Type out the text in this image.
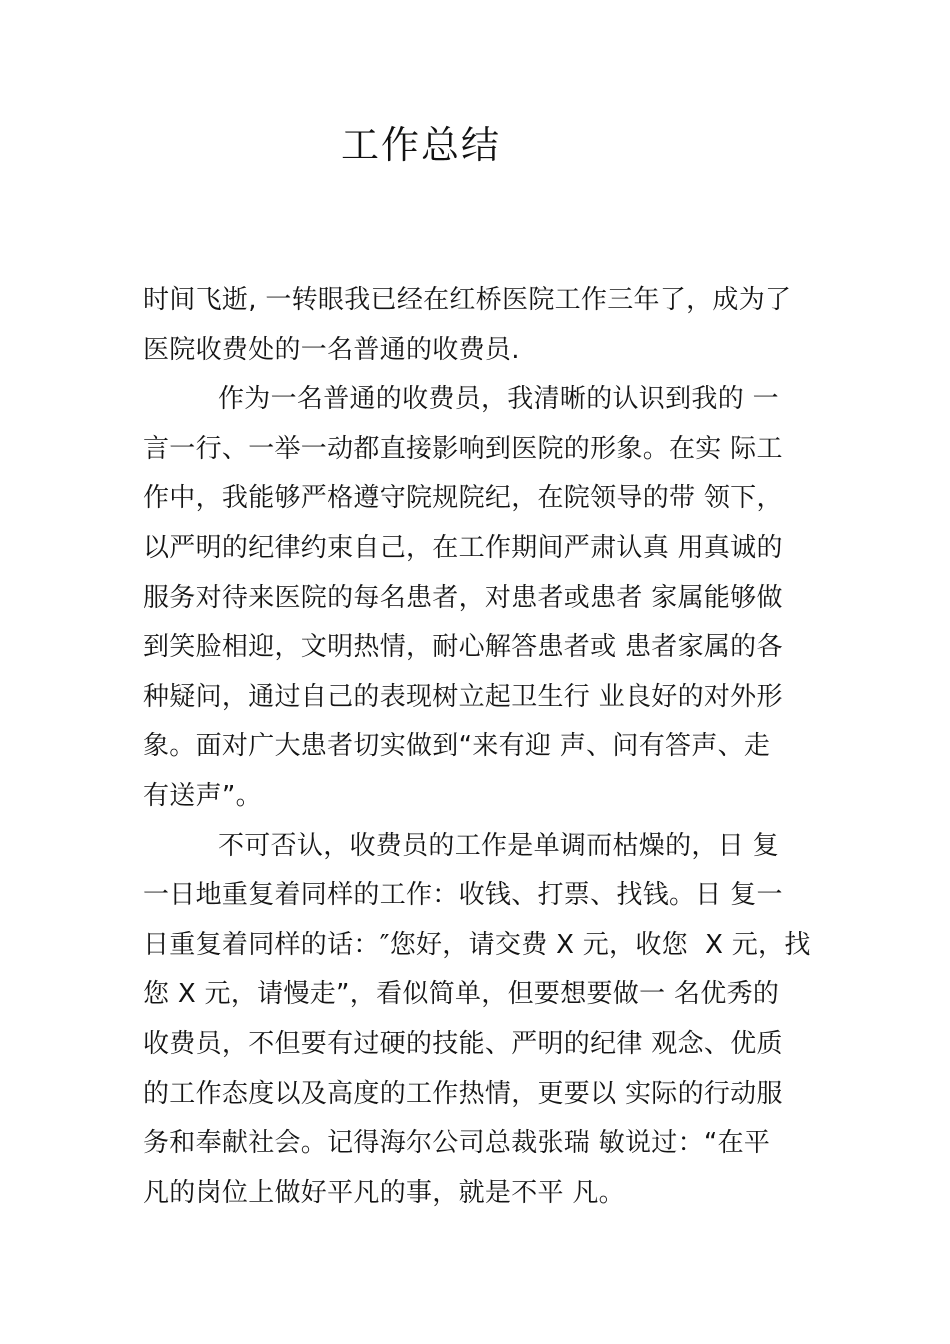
工作总结
时间飞逝, 一转眼我已经在红桥医院工作三年了，成为了
医院收费处的一名普通的收费员.
作为一名普通的收费员，我清晰的认识到我的 一
言一行、一举一动都直接影响到医院的形象。在实 际工
作中，我能够严格遵守院规院纪，在院领导的带 领下，
以严明的纪律约束自己，在工作期间严肃认真 用真诚的
服务对待来医院的每名患者，对患者或患者 家属能够做
到笑脸相迎，文明热情，耐心解答患者或 患者家属的各
种疑问，通过自己的表现树立起卫生行 业良好的对外形
象。面对广大患者切实做到“来有迎 声、问有答声、走
有送声”。
不可否认，收费员的工作是单调而枯燥的，日 复
一日地重复着同样的工作：收钱、打票、找钱。日 复一
日重复着同样的话：″您好，请交费 X 元，收您  X 元，找
您 X 元，请慢走”，看似简单，但要想要做一 名优秀的
收费员，不但要有过硬的技能、严明的纪律 观念、优质
的工作态度以及高度的工作热情，更要以 实际的行动服
务和奉献社会。记得海尔公司总裁张瑞 敏说过：“在平
凡的岗位上做好平凡的事，就是不平 凡。
